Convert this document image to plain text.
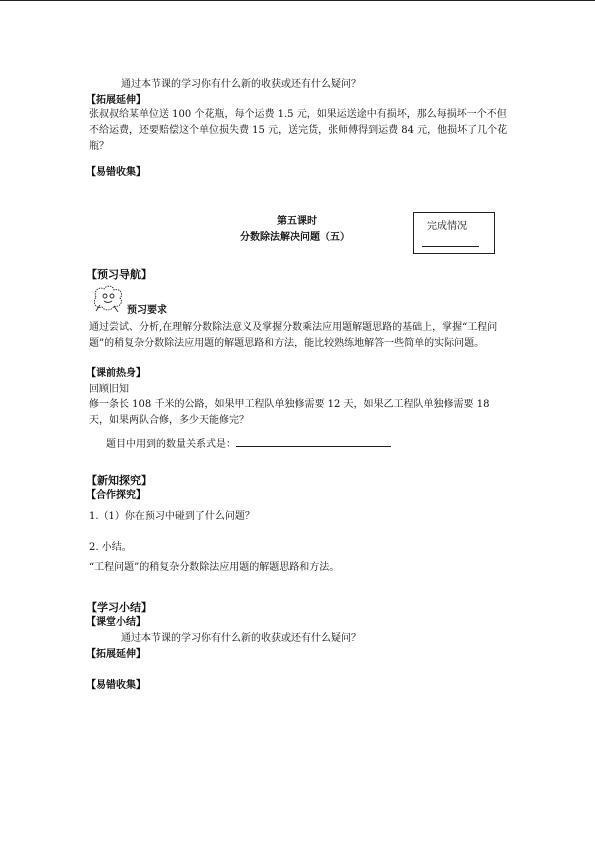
通过本节课的学习你有什么新的收获或还有什么疑问？
【拓展延伸】
张叔叔给某单位送 100 个花瓶，每个运费 1.5 元，如果运送途中有损坏，那么每损坏一个不但不给运费，还要赔偿这个单位损失费 15 元，送完货，张师傅得到运费 84 元，他损坏了几个花瓶？
【易错收集】
第五课时
分数除法解决问题（五）
完成情况
【预习导航】
预习要求
通过尝试、分析,在理解分数除法意义及掌握分数乘法应用题解题思路的基础上，掌握“工程问题”的稍复杂分数除法应用题的解题思路和方法，能比较熟练地解答一些简单的实际问题。
【课前热身】
回顾旧知
修一条长 108 千米的公路，如果甲工程队单独修需要 12 天，如果乙工程队单独修需要 18天，如果两队合修，多少天能修完？
题目中用到的数量关系式是：
【新知探究】
【合作探究】
1.（1）你在预习中碰到了什么问题？
2. 小结。
“工程问题”的稍复杂分数除法应用题的解题思路和方法。
【学习小结】
【课堂小结】
通过本节课的学习你有什么新的收获或还有什么疑问？
【拓展延伸】
【易错收集】
